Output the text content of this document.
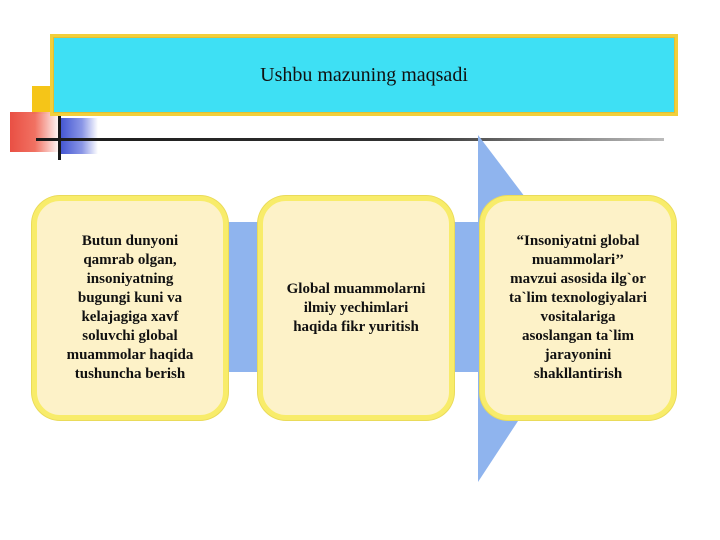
Ushbu mazuning maqsadi
Butun dunyoni
qamrab olgan,
insoniyatning
bugungi kuni va
kelajagiga xavf
soluvchi global
muammolar haqida
tushuncha berish
Global muammolarni
ilmiy yechimlari
haqida fikr yuritish
“Insoniyatni global
muammolari’’
mavzui asosida ilg`or
ta`lim texnologiyalari
vositalariga
asoslangan ta`lim
jarayonini
shakllantirish
